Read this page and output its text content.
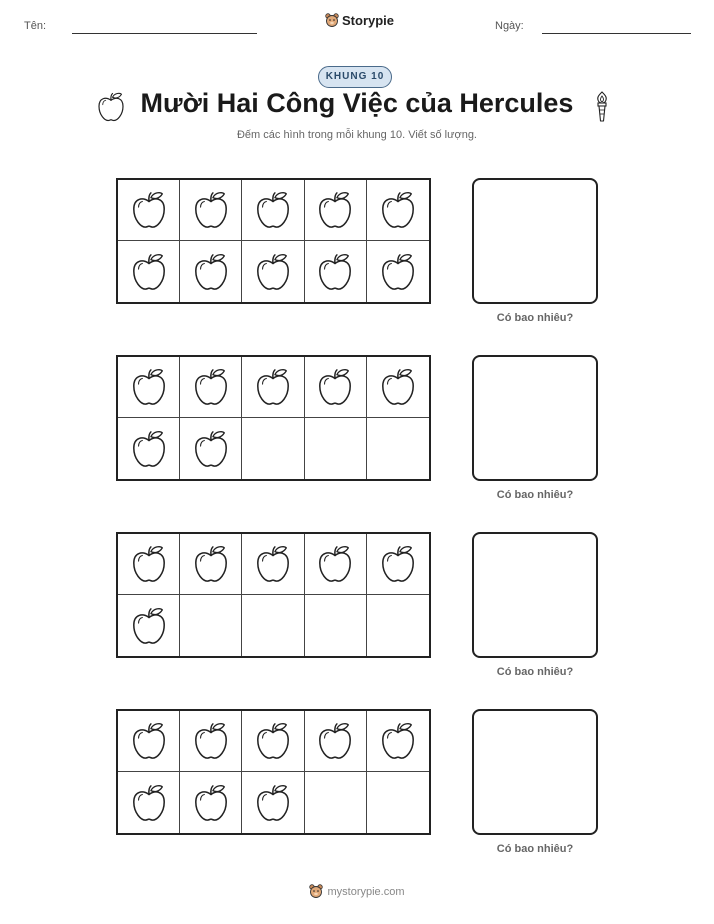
Tên:	Storypie	Ngày:
KHUNG 10
Mười Hai Công Việc của Hercules
Đếm các hình trong mỗi khung 10. Viết số lượng.
Có bao nhiêu?
Có bao nhiêu?
Có bao nhiêu?
Có bao nhiêu?
mystorypie.com
